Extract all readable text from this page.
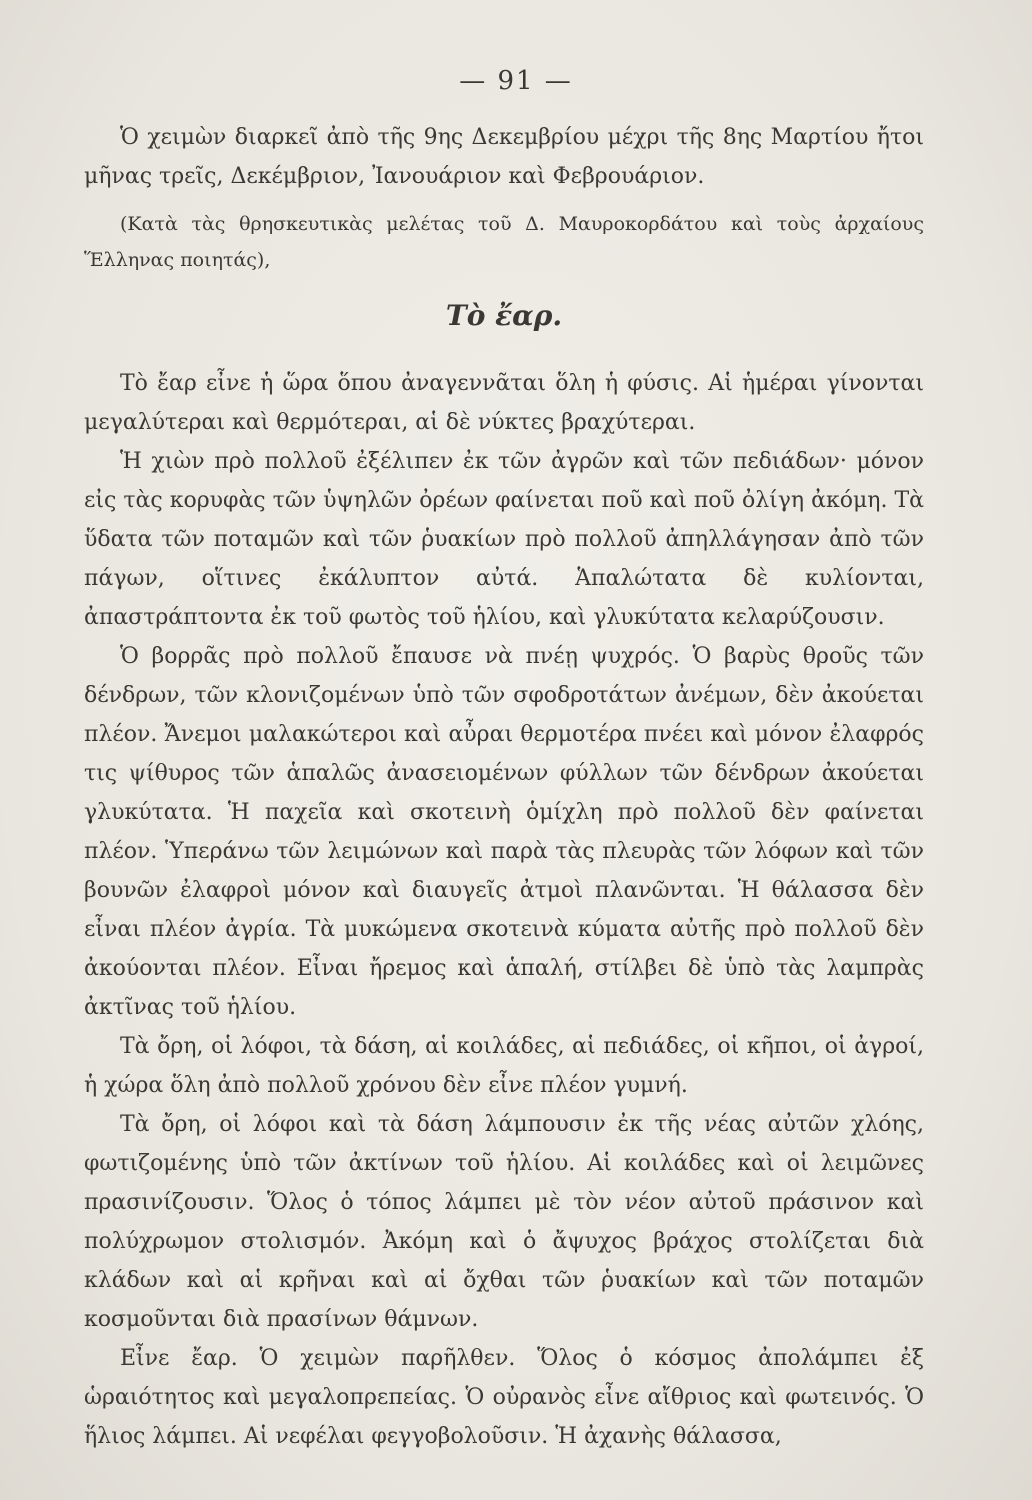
— 91 —

Ὁ χειμὼν διαρκεῖ ἀπὸ τῆς 9ης Δεκεμβρίου μέχρι τῆς 8ης Μαρτίου ἤτοι μῆνας τρεῖς, Δεκέμβριον, Ἰανουάριον καὶ Φεβρουάριον.

(Κατὰ τὰς θρησκευτικὰς μελέτας τοῦ Δ. Μαυροκορδάτου καὶ τοὺς ἀρχαίους Ἕλληνας ποιητάς),

Τὸ ἔαρ.

Τὸ ἔαρ εἶνε ἡ ὥρα ὅπου ἀναγεννᾶται ὅλη ἡ φύσις. Αἱ ἡμέραι γίνονται μεγαλύτεραι καὶ θερμότεραι, αἱ δὲ νύκτες βραχύτεραι.

Ἡ χιὼν πρὸ πολλοῦ ἐξέλιπεν ἐκ τῶν ἀγρῶν καὶ τῶν πεδιάδων· μόνον εἰς τὰς κορυφὰς τῶν ὑψηλῶν ὀρέων φαίνεται ποῦ καὶ ποῦ ὀλίγη ἀκόμη. Τὰ ὕδατα τῶν ποταμῶν καὶ τῶν ῥυακίων πρὸ πολλοῦ ἀπηλλάγησαν ἀπὸ τῶν πάγων, οἵτινες ἐκάλυπτον αὐτά. Ἁπαλώτατα δὲ κυλίονται, ἀπαστράπτοντα ἐκ τοῦ φωτὸς τοῦ ἡλίου, καὶ γλυκύτατα κελαρύζουσιν.

Ὁ βορρᾶς πρὸ πολλοῦ ἔπαυσε νὰ πνέῃ ψυχρός. Ὁ βαρὺς θροῦς τῶν δένδρων, τῶν κλονιζομένων ὑπὸ τῶν σφοδροτάτων ἀνέμων, δὲν ἀκούεται πλέον. Ἄνεμοι μαλακώτεροι καὶ αὖραι θερμοτέρα πνέει καὶ μόνον ἐλαφρός τις ψίθυρος τῶν ἁπαλῶς ἀνασειομένων φύλλων τῶν δένδρων ἀκούεται γλυκύτατα. Ἡ παχεῖα καὶ σκοτεινὴ ὁμίχλη πρὸ πολλοῦ δὲν φαίνεται πλέον. Ὑπεράνω τῶν λειμώνων καὶ παρὰ τὰς πλευρὰς τῶν λόφων καὶ τῶν βουνῶν ἐλαφροὶ μόνον καὶ διαυγεῖς ἀτμοὶ πλανῶνται. Ἡ θάλασσα δὲν εἶναι πλέον ἀγρία. Τὰ μυκώμενα σκοτεινὰ κύματα αὐτῆς πρὸ πολλοῦ δὲν ἀκούονται πλέον. Εἶναι ἤρεμος καὶ ἁπαλή, στίλβει δὲ ὑπὸ τὰς λαμπρὰς ἀκτῖνας τοῦ ἡλίου.

Τὰ ὄρη, οἱ λόφοι, τὰ δάση, αἱ κοιλάδες, αἱ πεδιάδες, οἱ κῆποι, οἱ ἀγροί, ἡ χώρα ὅλη ἀπὸ πολλοῦ χρόνου δὲν εἶνε πλέον γυμνή.

Τὰ ὄρη, οἱ λόφοι καὶ τὰ δάση λάμπουσιν ἐκ τῆς νέας αὐτῶν χλόης, φωτιζομένης ὑπὸ τῶν ἀκτίνων τοῦ ἡλίου. Αἱ κοιλάδες καὶ οἱ λειμῶνες πρασινίζουσιν. Ὅλος ὁ τόπος λάμπει μὲ τὸν νέον αὐτοῦ πράσινον καὶ πολύχρωμον στολισμόν. Ἀκόμη καὶ ὁ ἄψυχος βράχος στολίζεται διὰ κλάδων καὶ αἱ κρῆναι καὶ αἱ ὄχθαι τῶν ῥυακίων καὶ τῶν ποταμῶν κοσμοῦνται διὰ πρασίνων θάμνων.

Εἶνε ἔαρ. Ὁ χειμὼν παρῆλθεν. Ὅλος ὁ κόσμος ἀπολάμπει ἐξ ὡραιότητος καὶ μεγαλοπρεπείας. Ὁ οὐρανὸς εἶνε αἴθριος καὶ φωτεινός. Ὁ ἥλιος λάμπει. Αἱ νεφέλαι φεγγοβολοῦσιν. Ἡ ἀχανὴς θάλασσα,
